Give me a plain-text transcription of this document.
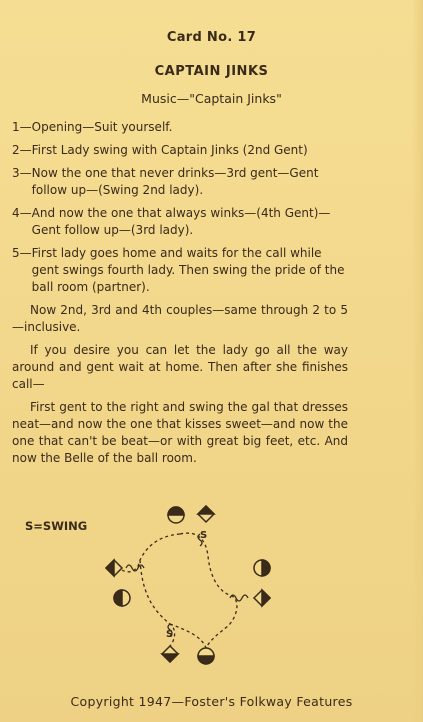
Card No. 17
CAPTAIN JINKS
Music—"Captain Jinks"
1— Opening—Suit yourself.
2— First Lady swing with Captain Jinks (2nd Gent)
3— Now the one that never drinks—3rd gent—Gent follow up—(Swing 2nd lady).
4— And now the one that always winks—(4th Gent)—Gent follow up—(3rd lady).
5— First lady goes home and waits for the call while gent swings fourth lady. Then swing the pride of the ball room (partner).

Now 2nd, 3rd and 4th couples—same through 2 to 5—inclusive.

If you desire you can let the lady go all the way around and gent wait at home. Then after she finishes call—

First gent to the right and swing the gal that dresses neat—and now the one that kisses sweet—and now the one that can't be beat—or with great big feet, etc. And now the Belle of the ball room.

S=SWING
S
S
Copyright 1947—Foster's Folkway Features
